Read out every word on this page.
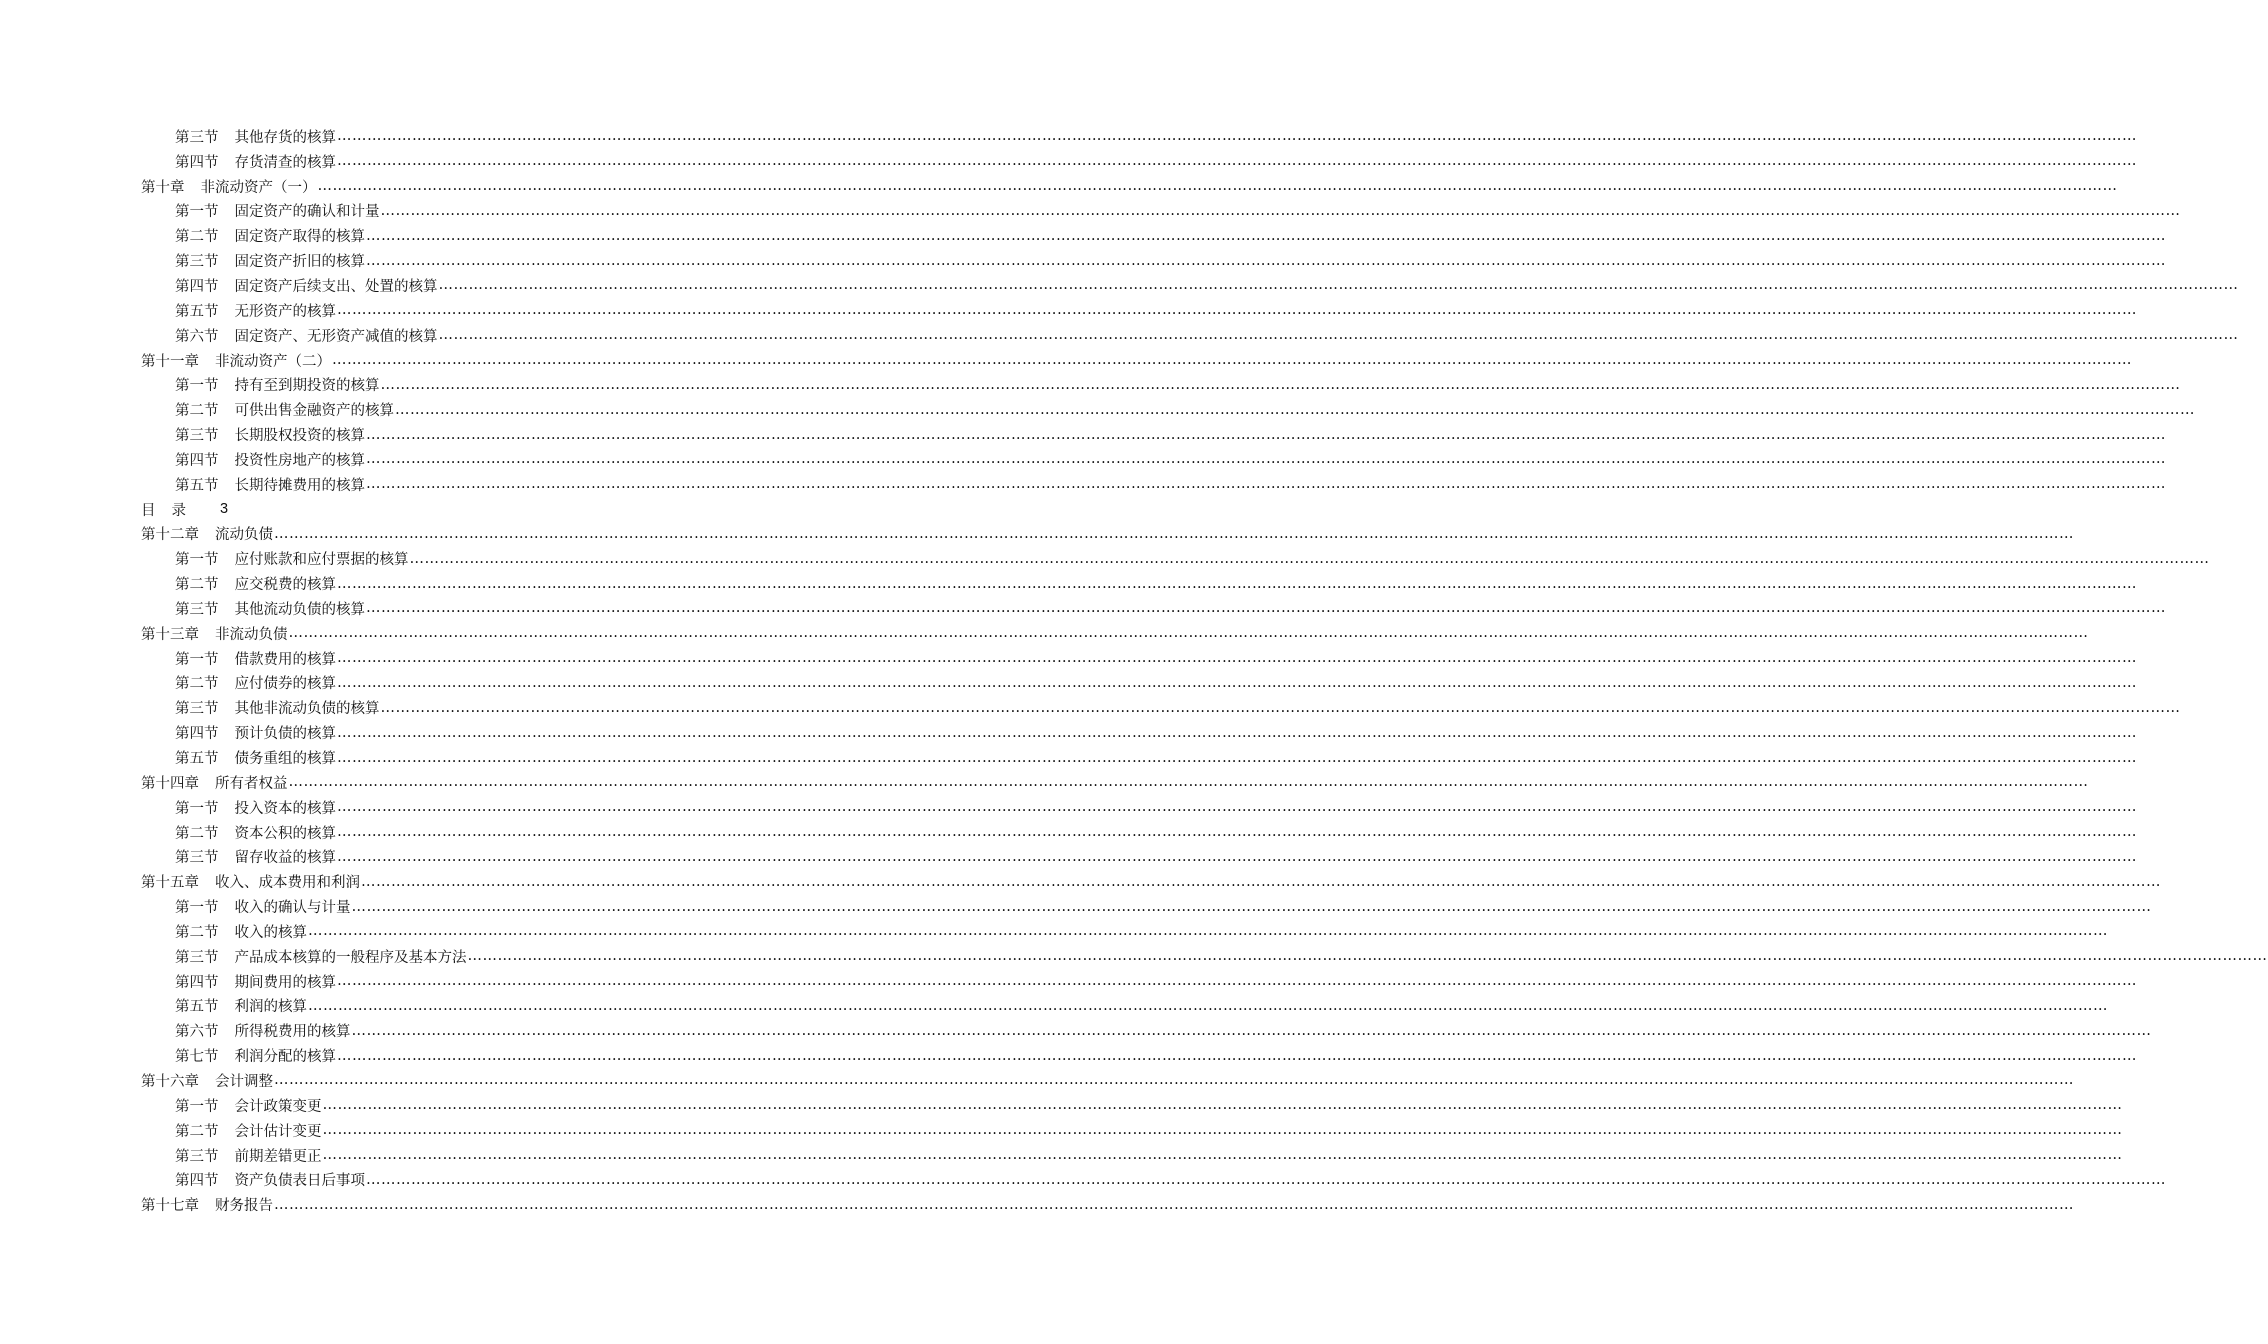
第三节 其他存货的核算 ………………………………………………………………………………………………………………………………………………………………………………………………………………………………………………………………………………………………………………………………
第四节 存货清查的核算 ………………………………………………………………………………………………………………………………………………………………………………………………………………………………………………………………………………………………………………………………
第十章 非流动资产（一） ………………………………………………………………………………………………………………………………………………………………………………………………………………………………………………………………………………………………………………………………
第一节 固定资产的确认和计量 ………………………………………………………………………………………………………………………………………………………………………………………………………………………………………………………………………………………………………………………………
第二节 固定资产取得的核算 ………………………………………………………………………………………………………………………………………………………………………………………………………………………………………………………………………………………………………………………………
第三节 固定资产折旧的核算 ………………………………………………………………………………………………………………………………………………………………………………………………………………………………………………………………………………………………………………………………
第四节 固定资产后续支出、处置的核算 ………………………………………………………………………………………………………………………………………………………………………………………………………………………………………………………………………………………………………………………………
第五节 无形资产的核算 ………………………………………………………………………………………………………………………………………………………………………………………………………………………………………………………………………………………………………………………………
第六节 固定资产、无形资产减值的核算 ………………………………………………………………………………………………………………………………………………………………………………………………………………………………………………………………………………………………………………………………
第十一章 非流动资产（二） ………………………………………………………………………………………………………………………………………………………………………………………………………………………………………………………………………………………………………………………………
第一节 持有至到期投资的核算 ………………………………………………………………………………………………………………………………………………………………………………………………………………………………………………………………………………………………………………………………
第二节 可供出售金融资产的核算 ………………………………………………………………………………………………………………………………………………………………………………………………………………………………………………………………………………………………………………………………
第三节 长期股权投资的核算 ………………………………………………………………………………………………………………………………………………………………………………………………………………………………………………………………………………………………………………………………
第四节 投资性房地产的核算 ………………………………………………………………………………………………………………………………………………………………………………………………………………………………………………………………………………………………………………………………
第五节 长期待摊费用的核算 ………………………………………………………………………………………………………………………………………………………………………………………………………………………………………………………………………………………………………………………………
目录 3
第十二章 流动负债 ………………………………………………………………………………………………………………………………………………………………………………………………………………………………………………………………………………………………………………………………
第一节 应付账款和应付票据的核算 ………………………………………………………………………………………………………………………………………………………………………………………………………………………………………………………………………………………………………………………………
第二节 应交税费的核算 ………………………………………………………………………………………………………………………………………………………………………………………………………………………………………………………………………………………………………………………………
第三节 其他流动负债的核算 ………………………………………………………………………………………………………………………………………………………………………………………………………………………………………………………………………………………………………………………………
第十三章 非流动负债 ………………………………………………………………………………………………………………………………………………………………………………………………………………………………………………………………………………………………………………………………
第一节 借款费用的核算 ………………………………………………………………………………………………………………………………………………………………………………………………………………………………………………………………………………………………………………………………
第二节 应付债券的核算 ………………………………………………………………………………………………………………………………………………………………………………………………………………………………………………………………………………………………………………………………
第三节 其他非流动负债的核算 ………………………………………………………………………………………………………………………………………………………………………………………………………………………………………………………………………………………………………………………………
第四节 预计负债的核算 ………………………………………………………………………………………………………………………………………………………………………………………………………………………………………………………………………………………………………………………………
第五节 债务重组的核算 ………………………………………………………………………………………………………………………………………………………………………………………………………………………………………………………………………………………………………………………………
第十四章 所有者权益 ………………………………………………………………………………………………………………………………………………………………………………………………………………………………………………………………………………………………………………………………
第一节 投入资本的核算 ………………………………………………………………………………………………………………………………………………………………………………………………………………………………………………………………………………………………………………………………
第二节 资本公积的核算 ………………………………………………………………………………………………………………………………………………………………………………………………………………………………………………………………………………………………………………………………
第三节 留存收益的核算 ………………………………………………………………………………………………………………………………………………………………………………………………………………………………………………………………………………………………………………………………
第十五章 收入、成本费用和利润 ………………………………………………………………………………………………………………………………………………………………………………………………………………………………………………………………………………………………………………………………
第一节 收入的确认与计量 ………………………………………………………………………………………………………………………………………………………………………………………………………………………………………………………………………………………………………………………………
第二节 收入的核算 ………………………………………………………………………………………………………………………………………………………………………………………………………………………………………………………………………………………………………………………………
第三节 产品成本核算的一般程序及基本方法 ………………………………………………………………………………………………………………………………………………………………………………………………………………………………………………………………………………………………………………………………
第四节 期间费用的核算 ………………………………………………………………………………………………………………………………………………………………………………………………………………………………………………………………………………………………………………………………
第五节 利润的核算 ………………………………………………………………………………………………………………………………………………………………………………………………………………………………………………………………………………………………………………………………
第六节 所得税费用的核算 ………………………………………………………………………………………………………………………………………………………………………………………………………………………………………………………………………………………………………………………………
第七节 利润分配的核算 ………………………………………………………………………………………………………………………………………………………………………………………………………………………………………………………………………………………………………………………………
第十六章 会计调整 ………………………………………………………………………………………………………………………………………………………………………………………………………………………………………………………………………………………………………………………………
第一节 会计政策变更 ………………………………………………………………………………………………………………………………………………………………………………………………………………………………………………………………………………………………………………………………
第二节 会计估计变更 ………………………………………………………………………………………………………………………………………………………………………………………………………………………………………………………………………………………………………………………………
第三节 前期差错更正 ………………………………………………………………………………………………………………………………………………………………………………………………………………………………………………………………………………………………………………………………
第四节 资产负债表日后事项 ………………………………………………………………………………………………………………………………………………………………………………………………………………………………………………………………………………………………………………………………
第十七章 财务报告 ………………………………………………………………………………………………………………………………………………………………………………………………………………………………………………………………………………………………………………………………
